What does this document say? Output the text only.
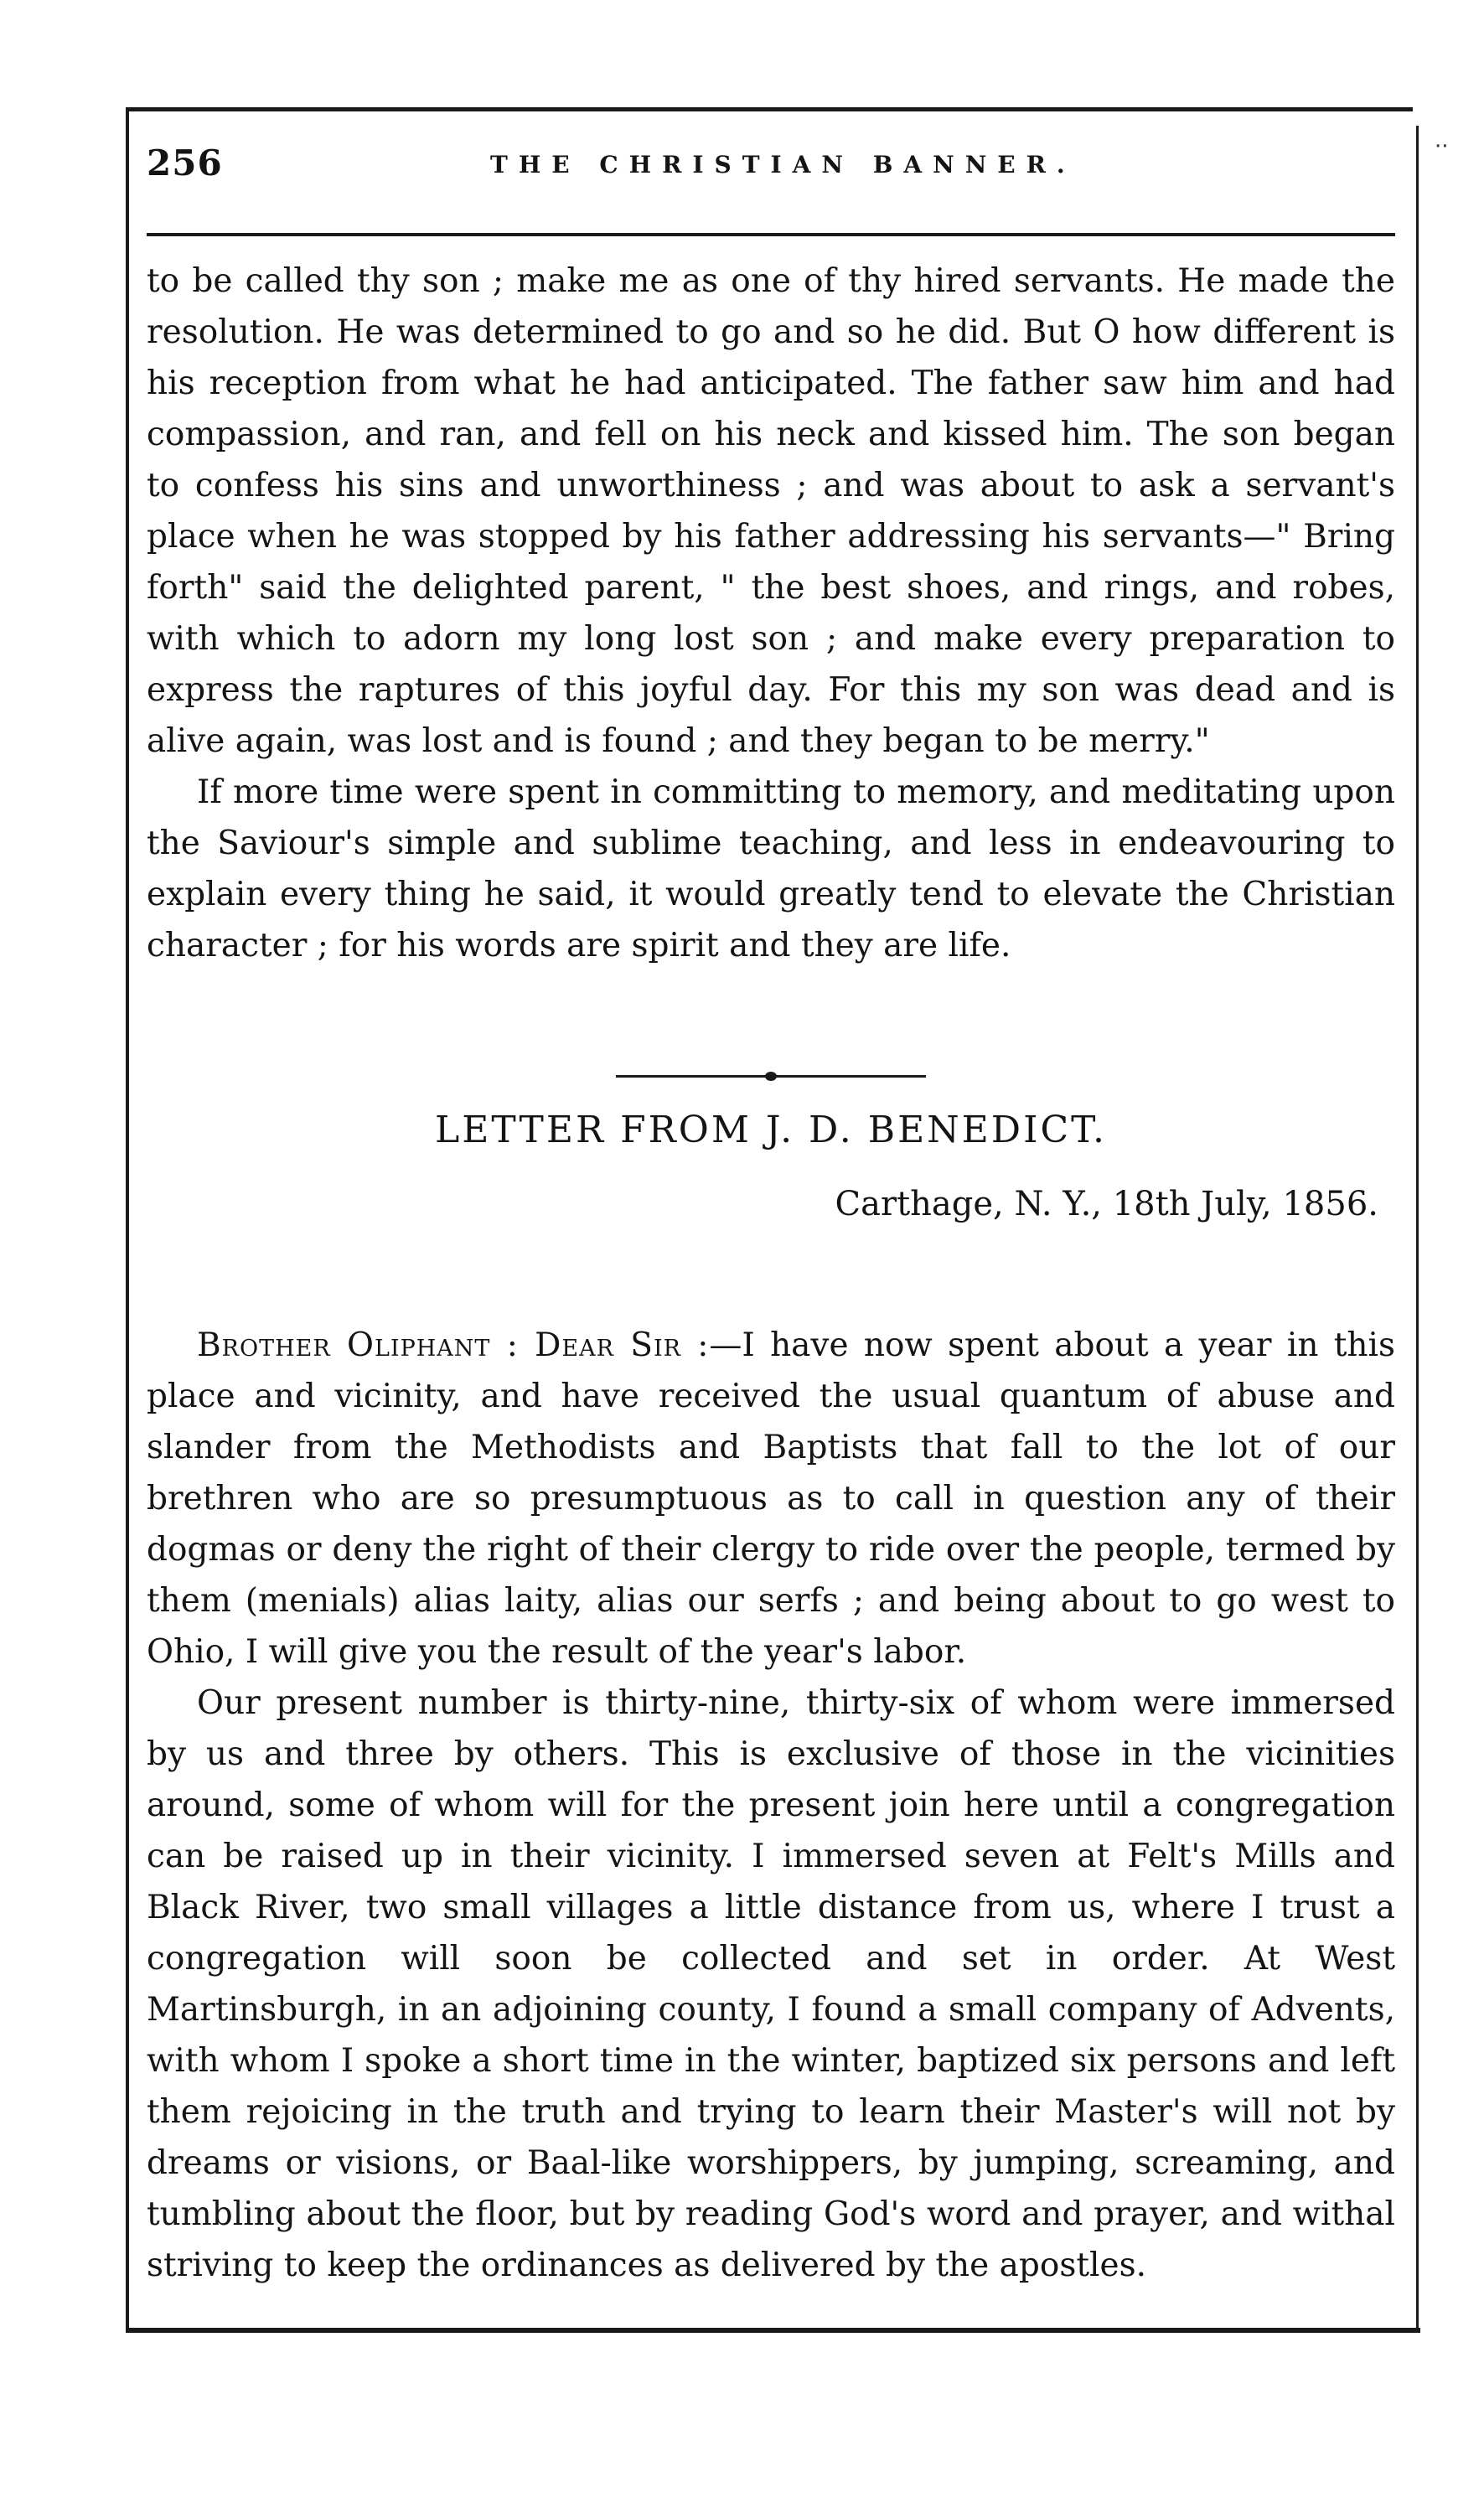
··
256	THE CHRISTIAN BANNER.

to be called thy son ; make me as one of thy hired servants. He made the resolution. He was determined to go and so he did. But O how different is his reception from what he had anticipated. The father saw him and had compassion, and ran, and fell on his neck and kissed him. The son began to confess his sins and unworthiness ; and was about to ask a servant's place when he was stopped by his father addressing his servants—" Bring forth" said the delighted parent, " the best shoes, and rings, and robes, with which to adorn my long lost son ; and make every preparation to express the raptures of this joyful day. For this my son was dead and is alive again, was lost and is found ; and they began to be merry."

If more time were spent in committing to memory, and meditating upon the Saviour's simple and sublime teaching, and less in endeavouring to explain every thing he said, it would greatly tend to elevate the Christian character ; for his words are spirit and they are life.

LETTER FROM J. D. BENEDICT.
Carthage, N. Y., 18th July, 1856.

Brother Oliphant : Dear Sir :—I have now spent about a year in this place and vicinity, and have received the usual quantum of abuse and slander from the Methodists and Baptists that fall to the lot of our brethren who are so presumptuous as to call in question any of their dogmas or deny the right of their clergy to ride over the people, termed by them (menials) alias laity, alias our serfs ; and being about to go west to Ohio, I will give you the result of the year's labor.

Our present number is thirty-nine, thirty-six of whom were immersed by us and three by others. This is exclusive of those in the vicinities around, some of whom will for the present join here until a congregation can be raised up in their vicinity. I immersed seven at Felt's Mills and Black River, two small villages a little distance from us, where I trust a congregation will soon be collected and set in order. At West Martinsburgh, in an adjoining county, I found a small company of Advents, with whom I spoke a short time in the winter, baptized six persons and left them rejoicing in the truth and trying to learn their Master's will not by dreams or visions, or Baal-like worshippers, by jumping, screaming, and tumbling about the floor, but by reading God's word and prayer, and withal striving to keep the ordinances as delivered by the apostles.
